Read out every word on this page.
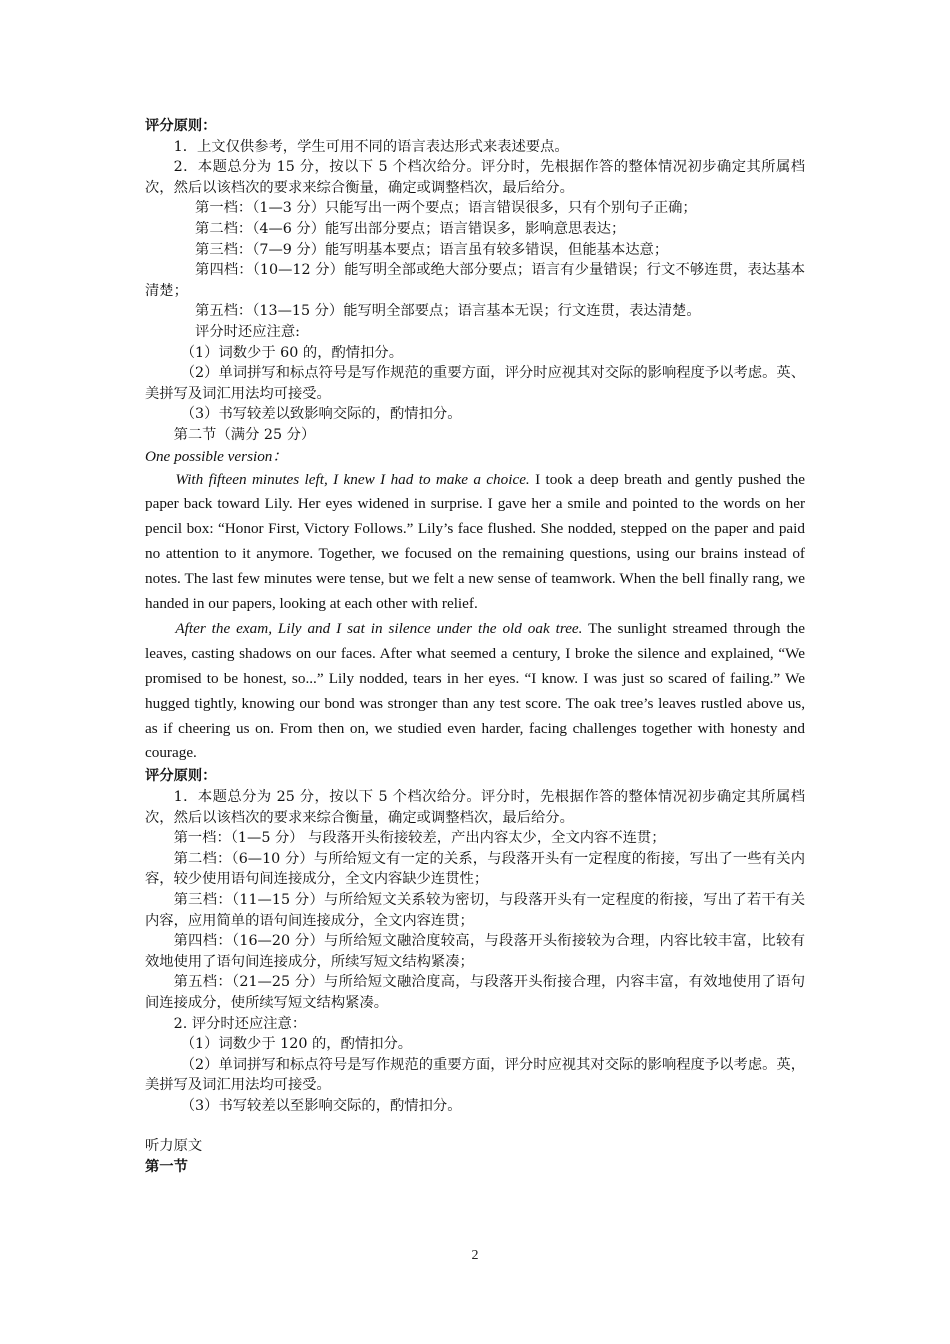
评分原则：

1．上文仅供参考，学生可用不同的语言表达形式来表述要点。

2．本题总分为 15 分，按以下 5 个档次给分。评分时，先根据作答的整体情况初步确定其所属档次，然后以该档次的要求来综合衡量，确定或调整档次，最后给分。

第一档：（1—3 分）只能写出一两个要点；语言错误很多，只有个别句子正确；

第二档：（4—6 分）能写出部分要点；语言错误多，影响意思表达；

第三档：（7—9 分）能写明基本要点；语言虽有较多错误，但能基本达意；

第四档：（10—12 分）能写明全部或绝大部分要点；语言有少量错误；行文不够连贯，表达基本清楚；

第五档：（13—15 分）能写明全部要点；语言基本无误；行文连贯，表达清楚。

评分时还应注意:

（1）词数少于 60 的，酌情扣分。

（2）单词拼写和标点符号是写作规范的重要方面，评分时应视其对交际的影响程度予以考虑。英、美拼写及词汇用法均可接受。

（3）书写较差以致影响交际的，酌情扣分。

第二节（满分 25 分）

One possible version：

With fifteen minutes left, I knew I had to make a choice. I took a deep breath and gently pushed the paper back toward Lily. Her eyes widened in surprise. I gave her a smile and pointed to the words on her pencil box: “Honor First, Victory Follows.” Lily’s face flushed. She nodded, stepped on the paper and paid no attention to it anymore. Together, we focused on the remaining questions, using our brains instead of notes. The last few minutes were tense, but we felt a new sense of teamwork. When the bell finally rang, we handed in our papers, looking at each other with relief.

After the exam, Lily and I sat in silence under the old oak tree. The sunlight streamed through the leaves, casting shadows on our faces. After what seemed a century, I broke the silence and explained, “We promised to be honest, so...” Lily nodded, tears in her eyes. “I know. I was just so scared of failing.” We hugged tightly, knowing our bond was stronger than any test score. The oak tree’s leaves rustled above us, as if cheering us on. From then on, we studied even harder, facing challenges together with honesty and courage.

评分原则：

1．本题总分为 25 分，按以下 5 个档次给分。评分时，先根据作答的整体情况初步确定其所属档次，然后以该档次的要求来综合衡量，确定或调整档次，最后给分。

第一档：（1—5 分） 与段落开头衔接较差，产出内容太少，全文内容不连贯；

第二档：（6—10 分）与所给短文有一定的关系，与段落开头有一定程度的衔接，写出了一些有关内容，较少使用语句间连接成分，全文内容缺少连贯性；

第三档：（11—15 分）与所给短文关系较为密切，与段落开头有一定程度的衔接，写出了若干有关内容，应用简单的语句间连接成分，全文内容连贯；

第四档：（16—20 分）与所给短文融洽度较高，与段落开头衔接较为合理，内容比较丰富，比较有效地使用了语句间连接成分，所续写短文结构紧凑；

第五档：（21—25 分）与所给短文融洽度高，与段落开头衔接合理，内容丰富，有效地使用了语句间连接成分，使所续写短文结构紧凑。

2. 评分时还应注意：

（1）词数少于 120 的，酌情扣分。

（2）单词拼写和标点符号是写作规范的重要方面，评分时应视其对交际的影响程度予以考虑。英，美拼写及词汇用法均可接受。

（3）书写较差以至影响交际的，酌情扣分。

听力原文

第一节

2
